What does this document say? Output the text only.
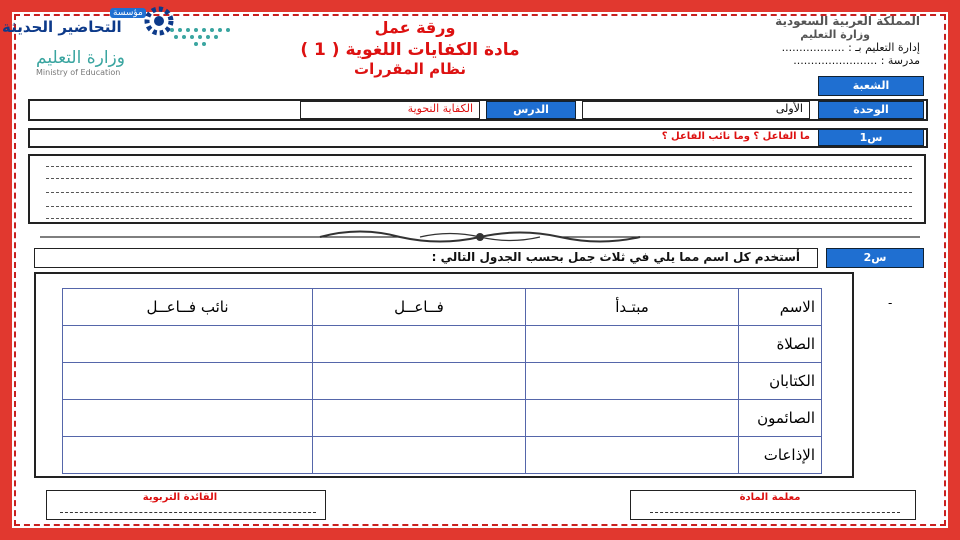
مؤسسة
التحاضير الحديثة
وزارة التعليم
Ministry of Education
ورقة عمل
مادة الكفايات اللغوية ( 1 )
نظام المقررات
المملكة العربية السعودية
وزارة التعليم
إدارة التعليم بـ : ..................
مدرسة : ........................
الشعبة
الوحدة
الأولى
الدرس
الكفاية النحوية
س1
ما الفاعل ؟ وما نائب الفاعل ؟
أستخدم كل اسم مما يلي في ثلاث جمل بحسب الجدول التالي :	س2
-
الاسم	مبتـدأ	فــاعــل	نائب فــاعــل
الصلاة			
الكتابان			
الصائمون			
الإذاعات			
القائدة التربوية	معلمة المادة
